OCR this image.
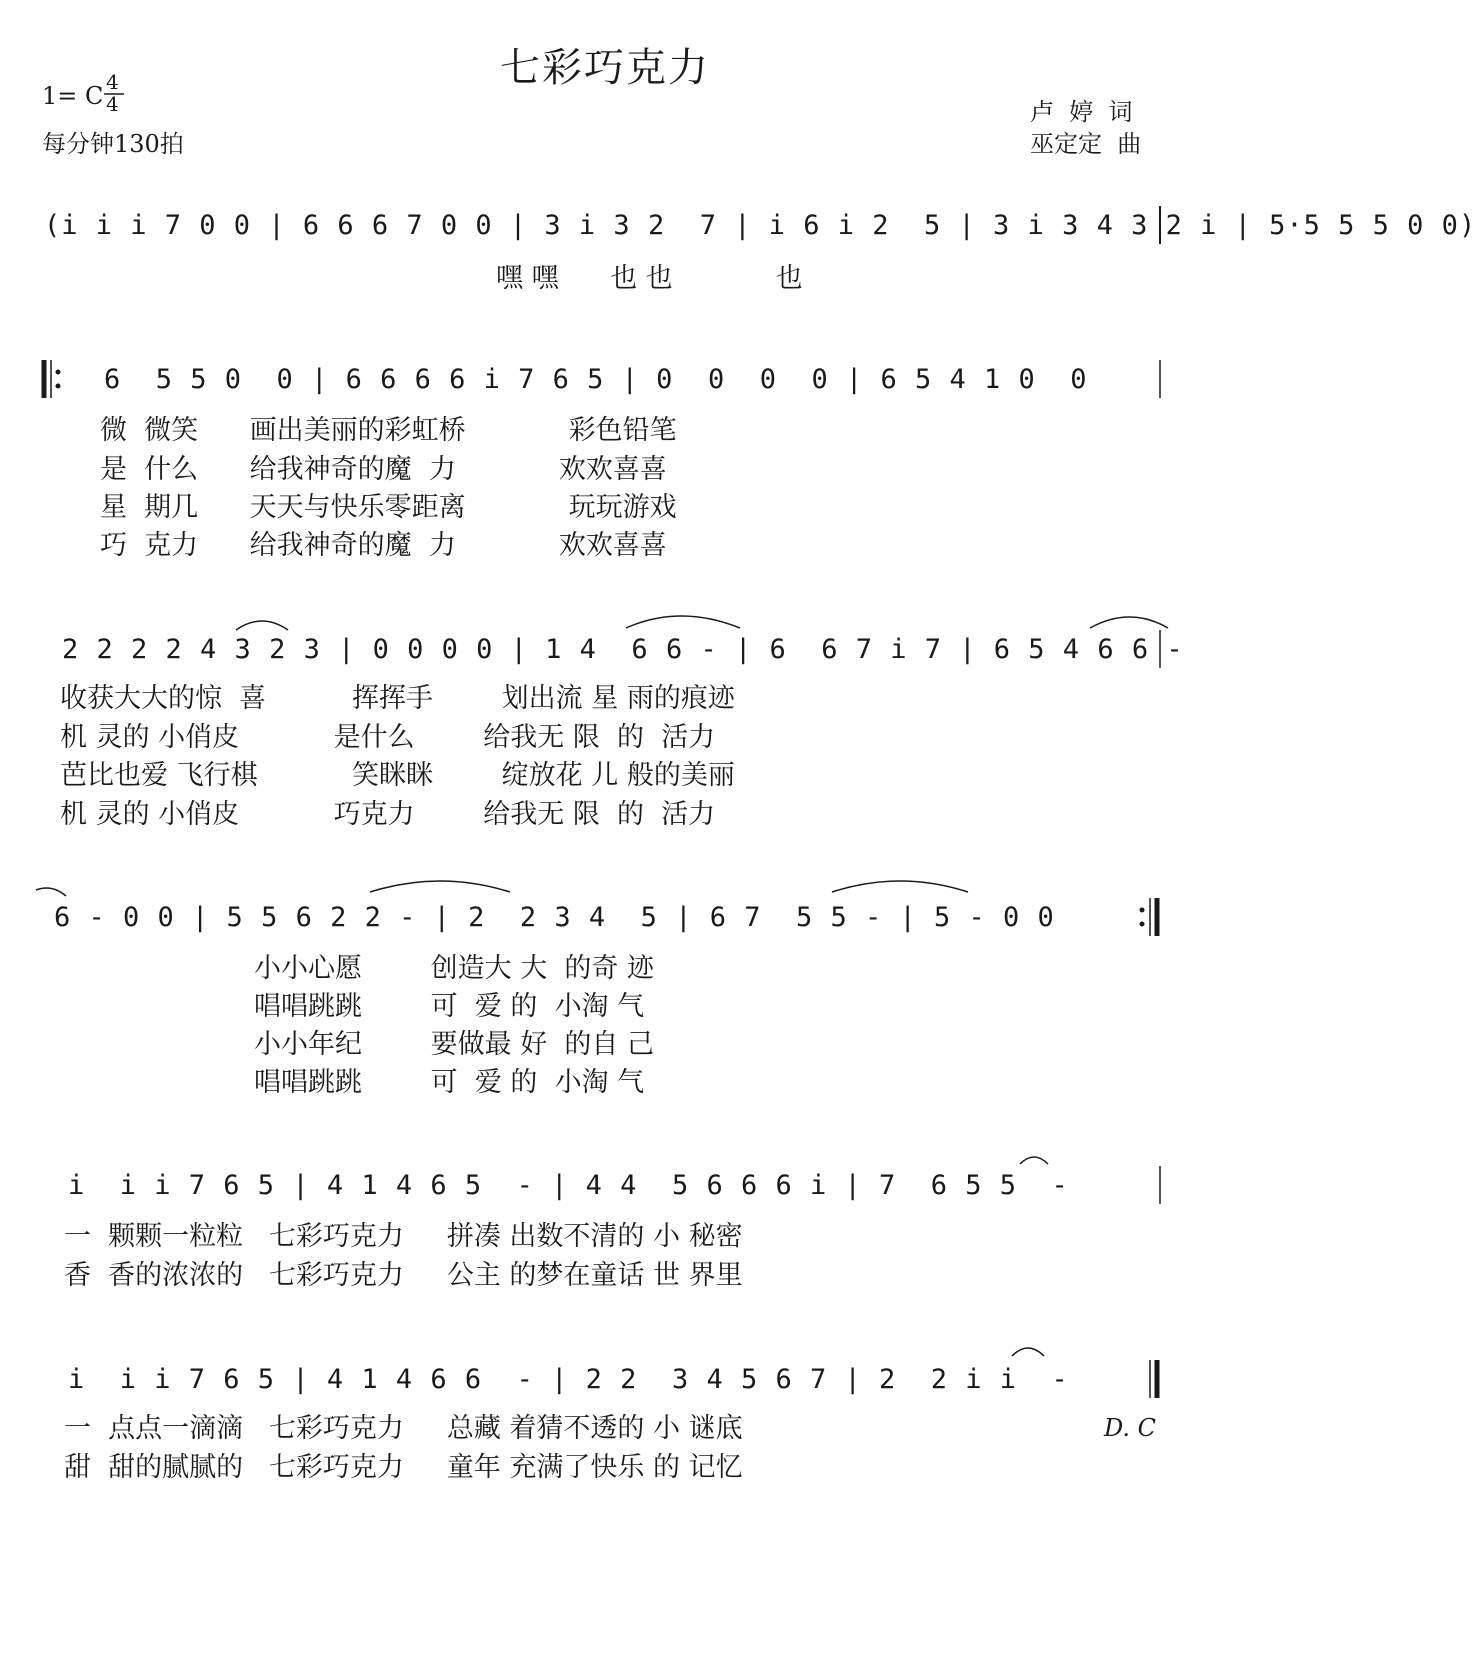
七彩巧克力
1= C 4
4
每分钟130拍
卢  婷  词
巫定定  曲
(i i i 7 0 0 | 6 6 6 7 0 0 | 3 i 3 2  7 | i 6 i 2  5 | 3 i 3 4 3 2 i | 5·5 5 5 0 0)
嘿 嘿      也 也            也
6  5 5 0  0 | 6 6 6 6 i 7 6 5 | 0  0  0  0 | 6 5 4 1 0  0
微  微笑      画出美丽的彩虹桥            彩色铅笔
是  什么      给我神奇的魔  力            欢欢喜喜
星  期几      天天与快乐零距离            玩玩游戏
巧  克力      给我神奇的魔  力            欢欢喜喜
2 2 2 2 4 3 2 3 | 0 0 0 0 | 1 4  6 6 - | 6  6 7 i 7 | 6 5 4 6 6 -
收获大大的惊  喜          挥挥手        划出流 星 雨的痕迹
机 灵的 小俏皮           是什么        给我无 限  的  活力
芭比也爱 飞行棋           笑眯眯        绽放花 儿 般的美丽
机 灵的 小俏皮           巧克力        给我无 限  的  活力
6 - 0 0 | 5 5 6 2 2 - | 2  2 3 4  5 | 6 7  5 5 - | 5 - 0 0
小小心愿        创造大 大  的奇 迹
唱唱跳跳        可  爱 的  小淘 气
小小年纪        要做最 好  的自 己
唱唱跳跳        可  爱 的  小淘 气
i  i i 7 6 5 | 4 1 4 6 5  - | 4 4  5 6 6 6 i | 7  6 5 5  -
一  颗颗一粒粒   七彩巧克力     拼凑 出数不清的 小 秘密
香  香的浓浓的   七彩巧克力     公主 的梦在童话 世 界里
i  i i 7 6 5 | 4 1 4 6 6  - | 2 2  3 4 5 6 7 | 2  2 i i  -
一  点点一滴滴   七彩巧克力     总藏 着猜不透的 小 谜底
甜  甜的腻腻的   七彩巧克力     童年 充满了快乐 的 记忆
D. C
